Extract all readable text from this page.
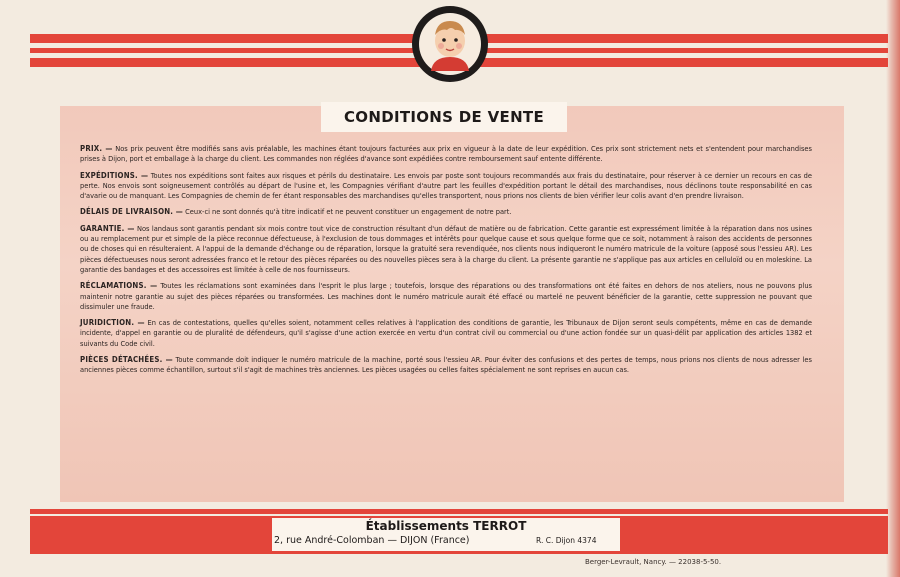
CONDITIONS DE VENTE

PRIX. — Nos prix peuvent être modifiés sans avis préalable, les machines étant toujours facturées aux prix en vigueur à la date de leur expédition. Ces prix sont strictement nets et s'entendent pour marchandises prises à Dijon, port et emballage à la charge du client. Les commandes non réglées d'avance sont expédiées contre remboursement sauf entente différente.

EXPÉDITIONS. — Toutes nos expéditions sont faites aux risques et périls du destinataire. Les envois par poste sont toujours recommandés aux frais du destinataire, pour réserver à ce dernier un recours en cas de perte. Nos envois sont soigneusement contrôlés au départ de l'usine et, les Compagnies vérifiant d'autre part les feuilles d'expédition portant le détail des marchandises, nous déclinons toute responsabilité en cas d'avarie ou de manquant. Les Compagnies de chemin de fer étant responsables des marchandises qu'elles transportent, nous prions nos clients de bien vérifier leur colis avant d'en prendre livraison.

DÉLAIS DE LIVRAISON. — Ceux-ci ne sont donnés qu'à titre indicatif et ne peuvent constituer un engagement de notre part.

GARANTIE. — Nos landaus sont garantis pendant six mois contre tout vice de construction résultant d'un défaut de matière ou de fabrication. Cette garantie est expressément limitée à la réparation dans nos usines ou au remplacement pur et simple de la pièce reconnue défectueuse, à l'exclusion de tous dommages et intérêts pour quelque cause et sous quelque forme que ce soit, notamment à raison des accidents de personnes ou de choses qui en résulteraient. A l'appui de la demande d'échange ou de réparation, lorsque la gratuité sera revendiquée, nos clients nous indiqueront le numéro matricule de la voiture (apposé sous l'essieu AR). Les pièces défectueuses nous seront adressées franco et le retour des pièces réparées ou des nouvelles pièces sera à la charge du client. La présente garantie ne s'applique pas aux articles en celluloïd ou en moleskine. La garantie des bandages et des accessoires est limitée à celle de nos fournisseurs.

RÉCLAMATIONS. — Toutes les réclamations sont examinées dans l'esprit le plus large ; toutefois, lorsque des réparations ou des transformations ont été faites en dehors de nos ateliers, nous ne pouvons plus maintenir notre garantie au sujet des pièces réparées ou transformées. Les machines dont le numéro matricule aurait été effacé ou martelé ne peuvent bénéficier de la garantie, cette suppression ne pouvant que dissimuler une fraude.

JURIDICTION. — En cas de contestations, quelles qu'elles soient, notamment celles relatives à l'application des conditions de garantie, les Tribunaux de Dijon seront seuls compétents, même en cas de demande incidente, d'appel en garantie ou de pluralité de défendeurs, qu'il s'agisse d'une action exercée en vertu d'un contrat civil ou commercial ou d'une action fondée sur un quasi-délit par application des articles 1382 et suivants du Code civil.

PIÈCES DÉTACHÉES. — Toute commande doit indiquer le numéro matricule de la machine, porté sous l'essieu AR. Pour éviter des confusions et des pertes de temps, nous prions nos clients de nous adresser les anciennes pièces comme échantillon, surtout s'il s'agit de machines très anciennes. Les pièces usagées ou celles faites spécialement ne sont reprises en aucun cas.

Établissements TERROT
2, rue André-Colomban — DIJON (France)	R. C. Dijon 4374
Berger-Levrault, Nancy. — 22038-5-50.
